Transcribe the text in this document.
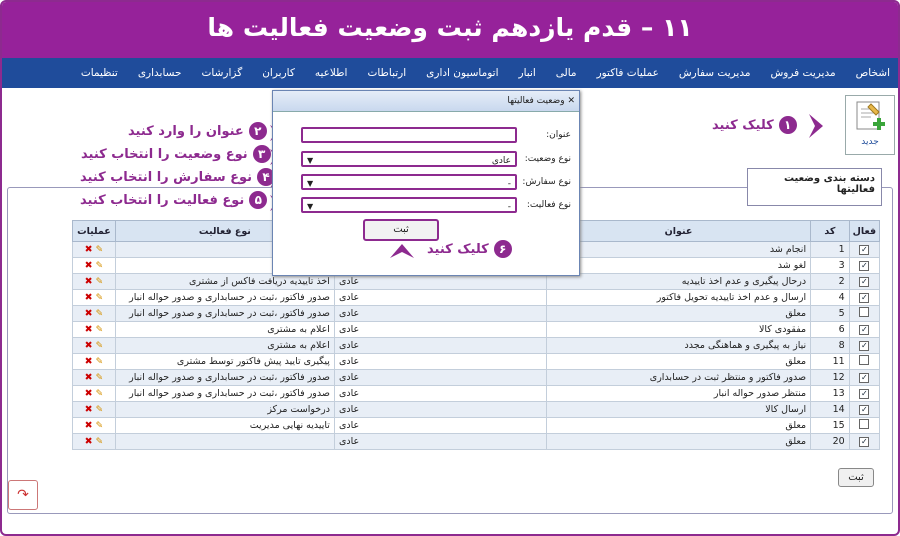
۱۱ – قدم یازدهم ثبت وضعیت فعالیت ها
اشخاص
مدیریت فروش
مدیریت سفارش
عملیات فاکتور
مالی
انبار
اتوماسیون اداری
ارتباطات
اطلاعیه
کاربران
گزارشات
حسابداری
تنظیمات
جدید
۱
کلیک کنید
۲
عنوان را وارد کنید
۳
نوع وضعیت را انتخاب کنید
۴
نوع سفارش را انتخاب کنید
۵
نوع فعالیت را انتخاب کنید
دسته بندی وضعیت فعالیتها
فعال	کد	عنوان		نوع فعالیت	عملیات
✓	1	انجام شد			✎✖
✓	3	لغو شد			✎✖
✓	2	درحال پیگیری و عدم اخذ تاییدیه	عادی	اخذ تاییدیه دریافت فاکس از مشتری	✎✖
✓	4	ارسال و عدم اخذ تاییدیه تحویل فاکتور	عادی	صدور فاکتور ،ثبت در حسابداری و صدور حواله انبار	✎✖
	5	معلق	عادی	صدور فاکتور ،ثبت در حسابداری و صدور حواله انبار	✎✖
✓	6	مفقودی کالا	عادی	اعلام به مشتری	✎✖
✓	8	نیاز به پیگیری و هماهنگی مجدد	عادی	اعلام به مشتری	✎✖
	11	معلق	عادی	پیگیری تایید پیش فاکتور توسط مشتری	✎✖
✓	12	صدور فاکتور و منتظر ثبت در حسابداری	عادی	صدور فاکتور ،ثبت در حسابداری و صدور حواله انبار	✎✖
✓	13	منتظر صدور حواله انبار	عادی	صدور فاکتور ،ثبت در حسابداری و صدور حواله انبار	✎✖
✓	14	ارسال کالا	عادی	درخواست مرکز	✎✖
	15	معلق	عادی	تاییدیه نهایی مدیریت	✎✖
✓	20	معلق	عادی		✎✖
ثبت
✕ وضعیت فعالیتها
عنوان:
نوع وضعیت:
عادی
▼
نوع سفارش:
-
▼
نوع فعالیت:
-
▼
ثبت
۶
کلیک کنید
↷
